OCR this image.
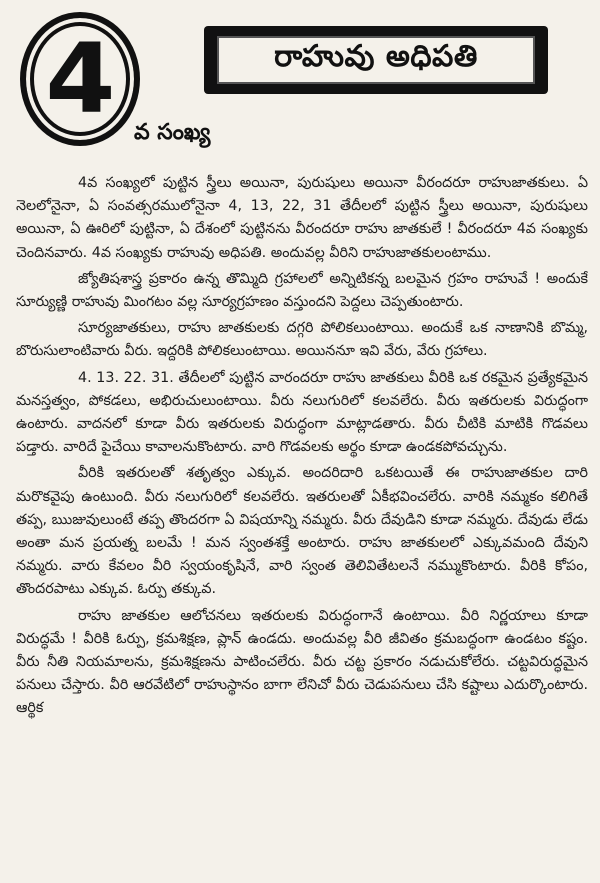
4 వ సంఖ్య
రాహువు అధిపతి

4వ సంఖ్యలో పుట్టిన స్త్రీలు అయినా, పురుషులు అయినా వీరందరూ రాహుజాతకులు. ఏ నెలలోనైనా, ఏ సంవత్సరములోనైనా 4, 13, 22, 31 తేదీలలో పుట్టిన స్త్రీలు అయినా, పురుషులు అయినా, ఏ ఊరిలో పుట్టినా, ఏ దేశంలో పుట్టినను వీరందరూ రాహు జాతకులే ! వీరందరూ 4వ సంఖ్యకు చెందినవారు. 4వ సంఖ్యకు రాహువు అధిపతి. అందువల్ల వీరిని రాహుజాతకులంటాము.

జ్యోతిషశాస్త్ర ప్రకారం ఉన్న తొమ్మిది గ్రహాలలో అన్నిటికన్న బలమైన గ్రహం రాహువే ! అందుకే సూర్యుణ్ణి రాహువు మింగటం వల్ల సూర్యగ్రహణం వస్తుందని పెద్దలు చెప్పతుంటారు.

సూర్యజాతకులు, రాహు జాతకులకు దగ్గరి పోలికలుంటాయి. అందుకే ఒక నాణానికి బొమ్మ, బొరుసులాంటివారు వీరు. ఇద్దరికి పోలికలుంటాయి. అయిననూ ఇవి వేరు, వేరు గ్రహాలు.

4. 13. 22. 31. తేదీలలో పుట్టిన వారందరూ రాహు జాతకులు వీరికి ఒక రకమైన ప్రత్యేకమైన మనస్తత్వం, పోకడలు, అభిరుచులుంటాయి. వీరు నలుగురిలో కలవలేరు. వీరు ఇతరులకు విరుద్ధంగా ఉంటారు. వాదనలో కూడా వీరు ఇతరులకు విరుద్ధంగా మాట్లాడతారు. వీరు చీటికి మాటికి గొడవలు పడ్తారు. వారిదే పైచేయి కావాలనుకొంటారు. వారి గొడవలకు అర్థం కూడా ఉండకపోవచ్చును.

వీరికి ఇతరులతో శతృత్వం ఎక్కువ. అందరిదారి ఒకటయితే ఈ రాహుజాతకుల దారి మరొకవైపు ఉంటుంది. వీరు నలుగురిలో కలవలేరు. ఇతరులతో ఏకీభవించలేరు. వారికి నమ్మకం కలిగితే తప్ప, ఋజువులుంటే తప్ప తొందరగా ఏ విషయాన్ని నమ్మరు. వీరు దేవుడిని కూడా నమ్మరు. దేవుడు లేడు అంతా మన ప్రయత్న బలమే ! మన స్వంతశక్తే అంటారు. రాహు జాతకులలో ఎక్కువమంది దేవుని నమ్మరు. వారు కేవలం వీరి స్వయంకృషినే, వారి స్వంత తెలివితేటలనే నమ్ముకొంటారు. వీరికి కోపం, తొందరపాటు ఎక్కువ. ఓర్పు తక్కువ.

రాహు జాతకుల ఆలోచనలు ఇతరులకు విరుద్ధంగానే ఉంటాయి. వీరి నిర్ణయాలు కూడా విరుద్ధమే ! వీరికి ఓర్పు, క్రమశిక్షణ, ప్లాన్ ఉండదు. అందువల్ల వీరి జీవితం క్రమబద్ధంగా ఉండటం కష్టం. వీరు నీతి నియమాలను, క్రమశిక్షణను పాటించలేరు. వీరు చట్ట ప్రకారం నడుచుకోలేరు. చట్టవిరుద్ధమైన పనులు చేస్తారు. వీరి ఆరవేటిలో రాహుస్థానం బాగా లేనిచో వీరు చెడుపనులు చేసి కష్టాలు ఎదుర్కొంటారు. ఆర్థిక
